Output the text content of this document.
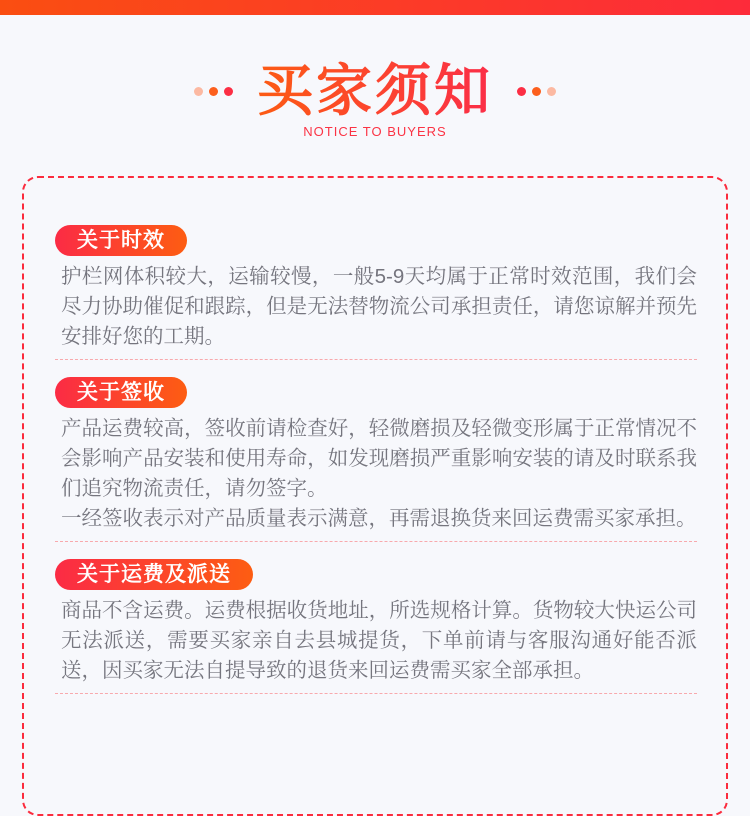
买家须知
NOTICE TO BUYERS
关于时效

护栏网体积较大，运输较慢，一般5-9天均属于正常时效范围，我们会尽力协助催促和跟踪，但是无法替物流公司承担责任，请您谅解并预先安排好您的工期。

关于签收

产品运费较高，签收前请检查好，轻微磨损及轻微变形属于正常情况不会影响产品安装和使用寿命，如发现磨损严重影响安装的请及时联系我们追究物流责任，请勿签字。

一经签收表示对产品质量表示满意，再需退换货来回运费需买家承担。

关于运费及派送

商品不含运费。运费根据收货地址，所选规格计算。货物较大快运公司无法派送，需要买家亲自去县城提货，下单前请与客服沟通好能否派送，因买家无法自提导致的退货来回运费需买家全部承担。
